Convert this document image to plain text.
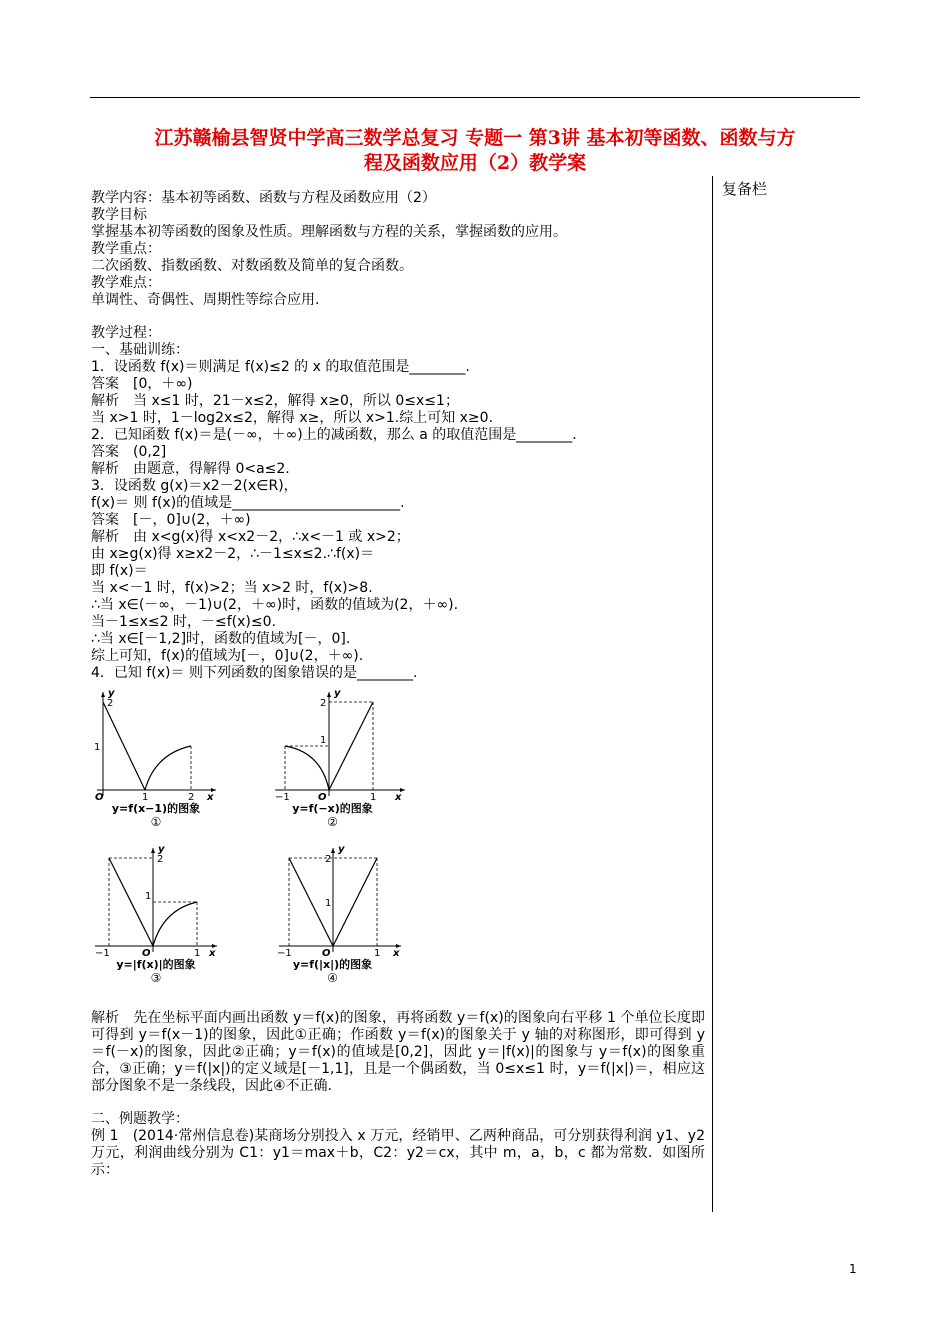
江苏赣榆县智贤中学高三数学总复习 专题一 第3讲 基本初等函数、函数与方
程及函数应用（2）教学案
复备栏

教学内容：基本初等函数、函数与方程及函数应用（2）

教学目标

掌握基本初等函数的图象及性质。理解函数与方程的关系，掌握函数的应用。

教学重点：

二次函数、指数函数、对数函数及简单的复合函数。

教学难点：

单调性、奇偶性、周期性等综合应用.

教学过程：

一、基础训练：

1．设函数 f(x)＝则满足 f(x)≤2 的 x 的取值范围是________.

答案　[0，＋∞)

解析　当 x≤1 时，21－x≤2，解得 x≥0，所以 0≤x≤1；

当 x>1 时，1－log2x≤2，解得 x≥，所以 x>1.综上可知 x≥0.

2．已知函数 f(x)＝是(－∞，＋∞)上的减函数，那么 a 的取值范围是________.

答案　(0,2]

解析　由题意，得解得 0<a≤2.

3．设函数 g(x)＝x2－2(x∈R)，

f(x)＝ 则 f(x)的值域是________________________.

答案　[－，0]∪(2，＋∞)

解析　由 x<g(x)得 x<x2－2，∴x<－1 或 x>2；

由 x≥g(x)得 x≥x2－2，∴－1≤x≤2.∴f(x)＝

即 f(x)＝

当 x<－1 时，f(x)>2；当 x>2 时，f(x)>8.

∴当 x∈(－∞，－1)∪(2，＋∞)时，函数的值域为(2，＋∞).

当－1≤x≤2 时，－≤f(x)≤0.

∴当 x∈[－1,2]时，函数的值域为[－，0].

综上可知，f(x)的值域为[－，0]∪(2，＋∞).

4．已知 f(x)＝ 则下列函数的图象错误的是________.

O	1	2
1
2
x
y
y=f(x−1)的图象
①
−1	O	1
1
2
x
y
y=f(−x)的图象
②
−1	O	1
1
2
x
y
y=|f(x)|的图象
③
−1	O	1
1
2
x
y
y=f(|x|)的图象
④

解析　先在坐标平面内画出函数 y＝f(x)的图象，再将函数 y＝f(x)的图象向右平移 1 个单位长度即可得到 y＝f(x－1)的图象，因此①正确；作函数 y＝f(x)的图象关于 y 轴的对称图形，即可得到 y＝f(－x)的图象，因此②正确；y＝f(x)的值域是[0,2]，因此 y＝|f(x)|的图象与 y＝f(x)的图象重合，③正确；y＝f(|x|)的定义域是[－1,1]，且是一个偶函数，当 0≤x≤1 时，y＝f(|x|)＝，相应这部分图象不是一条线段，因此④不正确.

二、例题教学：

例 1　(2014·常州信息卷)某商场分别投入 x 万元，经销甲、乙两种商品，可分别获得利润 y1、y2 万元，利润曲线分别为 C1：y1＝max＋b，C2：y2＝cx，其中 m，a，b，c 都为常数．如图所示：

1
